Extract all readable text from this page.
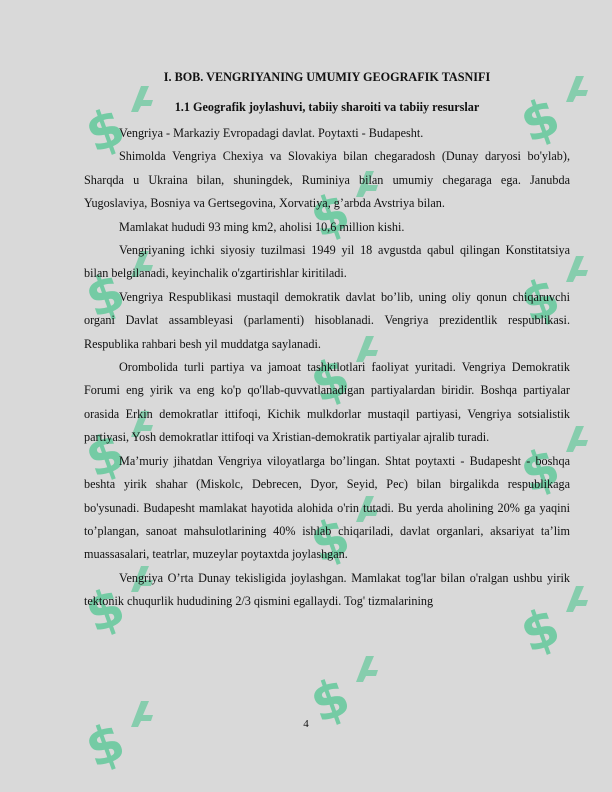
$
$
$
$
$
$
$
$
$
$
$
$
$
I. BOB. VENGRIYANING UMUMIY GEOGRAFIK TASNIFI
1.1 Geografik joylashuvi, tabiiy sharoiti va tabiiy resurslar

Vengriya - Markaziy Evropadagi davlat. Poytaxti - Budapesht.

Shimolda Vengriya Chexiya va Slovakiya bilan chegaradosh (Dunay daryosi bo'ylab), Sharqda u Ukraina bilan, shuningdek, Ruminiya bilan umumiy chegaraga ega. Janubda Yugoslaviya, Bosniya va Gertsegovina, Xorvatiya, g’arbda Avstriya bilan.

Mamlakat hududi 93 ming km2, aholisi 10,6 million kishi.

Vengriyaning ichki siyosiy tuzilmasi 1949 yil 18 avgustda qabul qilingan Konstitatsiya bilan belgilanadi, keyinchalik o'zgartirishlar kiritiladi.

Vengriya Respublikasi mustaqil demokratik davlat bo’lib, uning oliy qonun chiqaruvchi organi Davlat assambleyasi (parlamenti) hisoblanadi. Vengriya prezidentlik respublikasi. Respublika rahbari besh yil muddatga saylanadi.

Orombolida turli partiya va jamoat tashkilotlari faoliyat yuritadi. Vengriya Demokratik Forumi eng yirik va eng ko'p qo'llab-quvvatlanadigan partiyalardan biridir. Boshqa partiyalar orasida Erkin demokratlar ittifoqi, Kichik mulkdorlar mustaqil partiyasi, Vengriya sotsialistik partiyasi, Yosh demokratlar ittifoqi va Xristian-demokratik partiyalar ajralib turadi.

Ma’muriy jihatdan Vengriya viloyatlarga bo’lingan. Shtat poytaxti - Budapesht - boshqa beshta yirik shahar (Miskolc, Debrecen, Dyor, Seyid, Pec) bilan birgalikda respublikaga bo'ysunadi. Budapesht mamlakat hayotida alohida o'rin tutadi. Bu yerda aholining 20% ga yaqini to’plangan, sanoat mahsulotlarining 40% ishlab chiqariladi, davlat organlari, aksariyat ta’lim muassasalari, teatrlar, muzeylar poytaxtda joylashgan.

Vengriya O’rta Dunay tekisligida joylashgan. Mamlakat tog'lar bilan o'ralgan ushbu yirik tektonik chuqurlik hududining 2/3 qismini egallaydi. Tog' tizmalarining

4
